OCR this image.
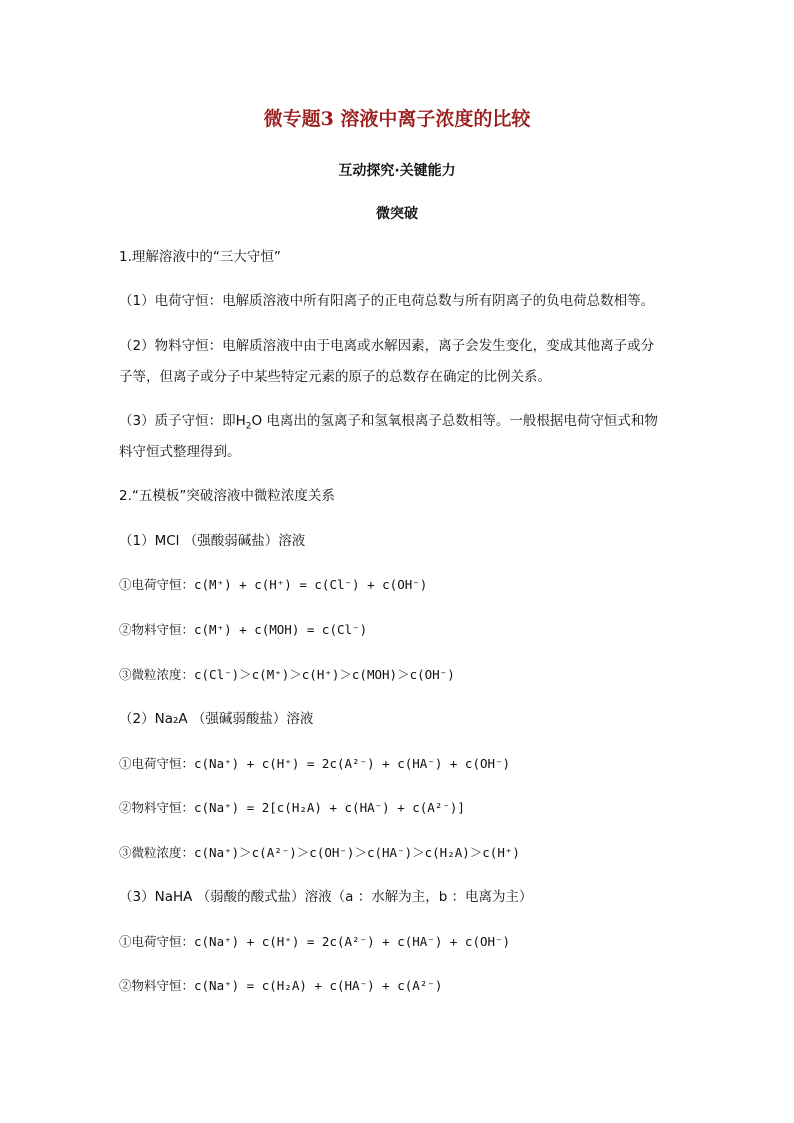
微专题3 溶液中离子浓度的比较
互动探究·关键能力
微突破
1.理解溶液中的“三大守恒”
（1）电荷守恒：电解质溶液中所有阳离子的正电荷总数与所有阴离子的负电荷总数相等。
（2）物料守恒：电解质溶液中由于电离或水解因素，离子会发生变化，变成其他离子或分
子等，但离子或分子中某些特定元素的原子的总数存在确定的比例关系。
（3）质子守恒：即$H_2O$ 电离出的氢离子和氢氧根离子总数相等。一般根据电荷守恒式和物
料守恒式整理得到。
2.“五模板”突破溶液中微粒浓度关系
（1）MCl （强酸弱碱盐）溶液
①电荷守恒：c(M⁺) + c(H⁺) = c(Cl⁻) + c(OH⁻)
②物料守恒：c(M⁺) + c(MOH) = c(Cl⁻)
③微粒浓度：c(Cl⁻)＞c(M⁺)＞c(H⁺)＞c(MOH)＞c(OH⁻)
（2）Na₂A （强碱弱酸盐）溶液
①电荷守恒：c(Na⁺) + c(H⁺) = 2c(A²⁻) + c(HA⁻) + c(OH⁻)
②物料守恒：c(Na⁺) = 2[c(H₂A) + c(HA⁻) + c(A²⁻)]
③微粒浓度：c(Na⁺)＞c(A²⁻)＞c(OH⁻)＞c(HA⁻)＞c(H₂A)＞c(H⁺)
（3）NaHA （弱酸的酸式盐）溶液（a ：水解为主，b ：电离为主）
①电荷守恒：c(Na⁺) + c(H⁺) = 2c(A²⁻) + c(HA⁻) + c(OH⁻)
②物料守恒：c(Na⁺) = c(H₂A) + c(HA⁻) + c(A²⁻)
